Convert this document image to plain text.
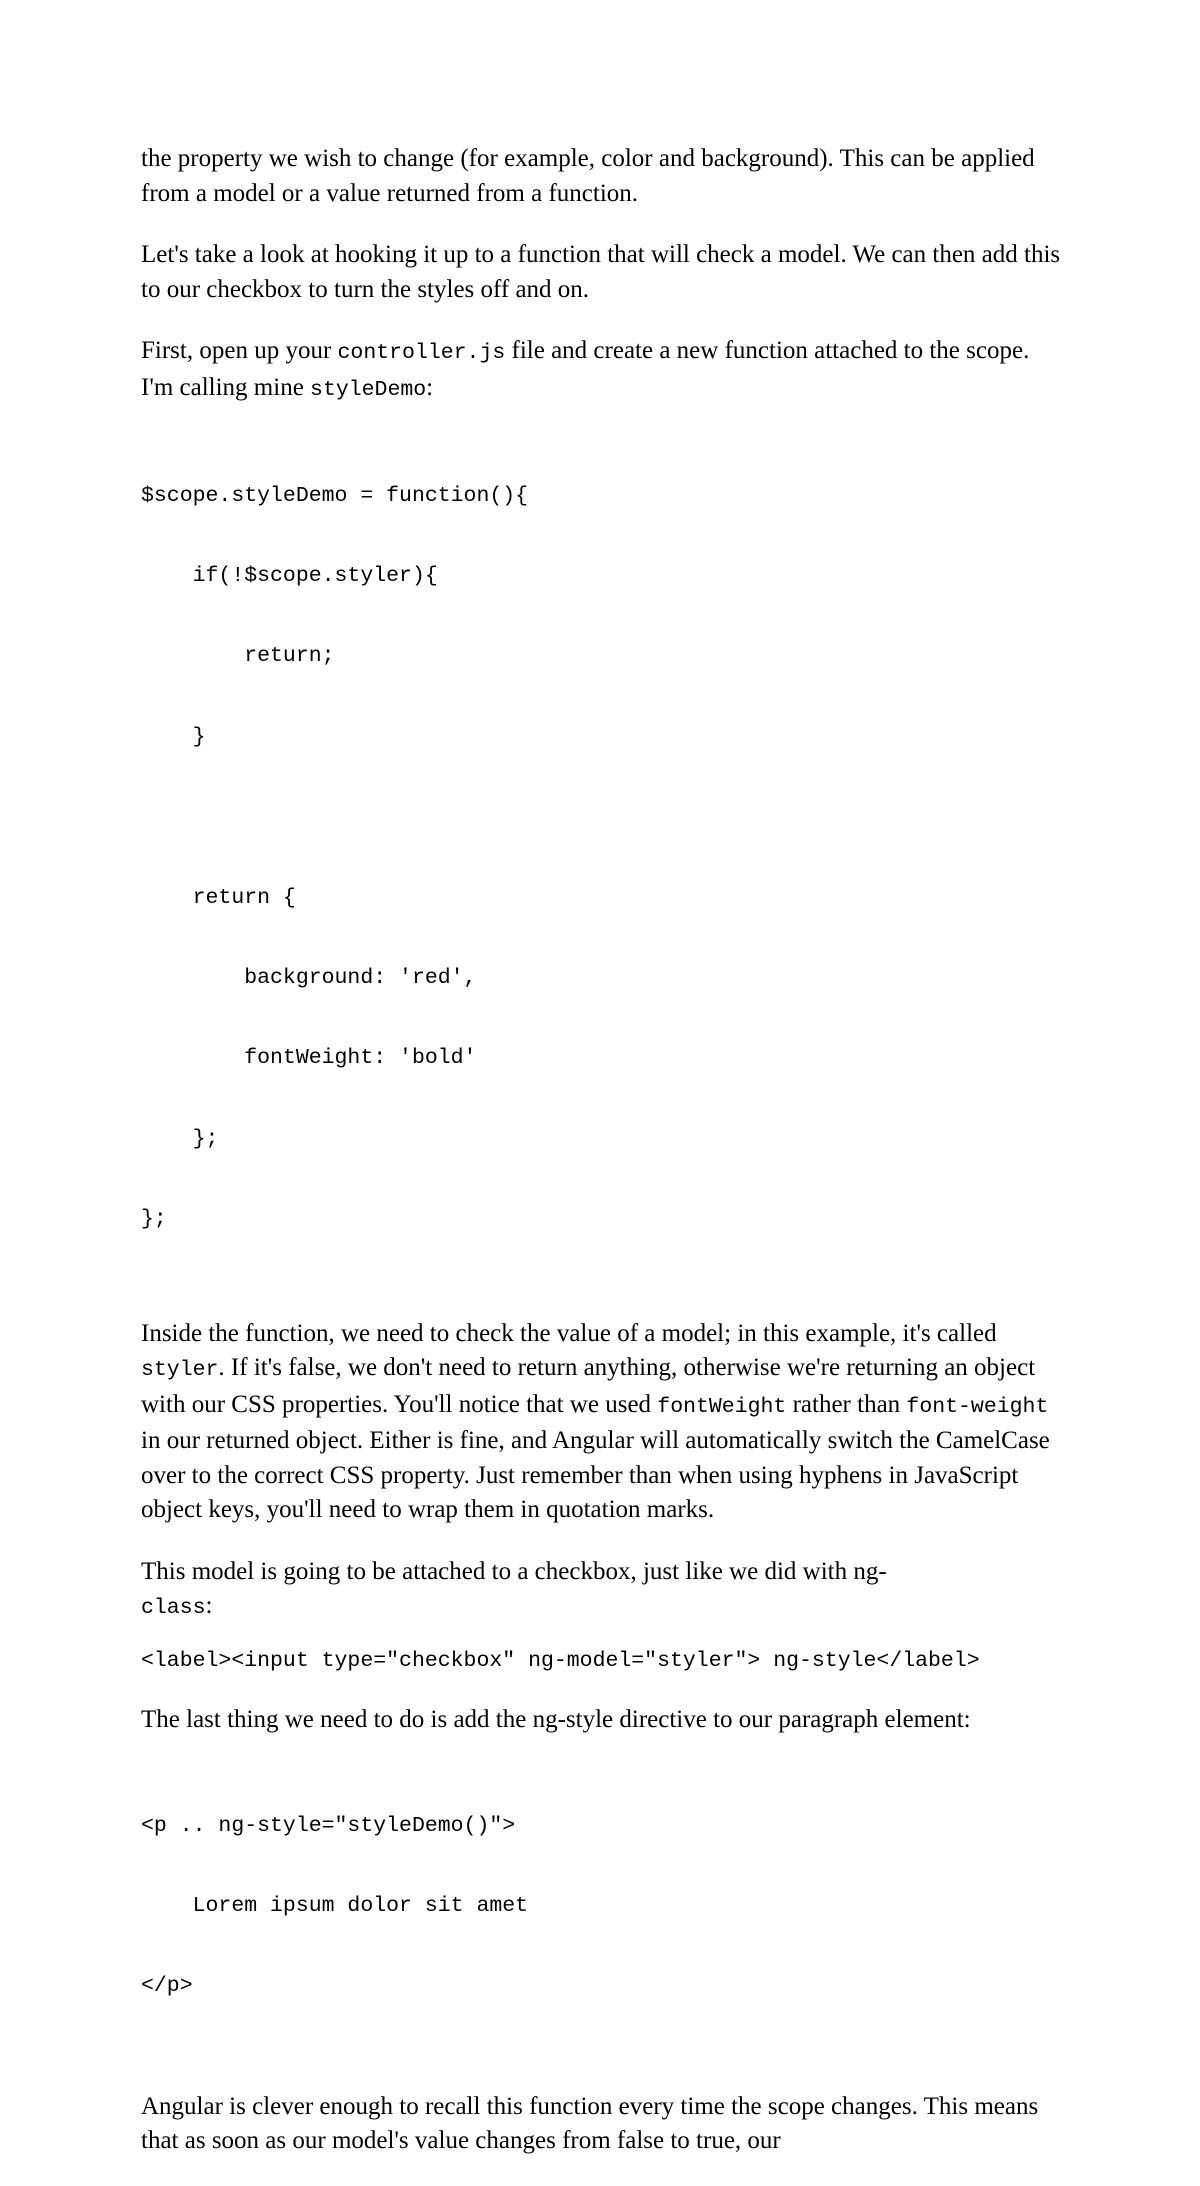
the property we wish to change (for example, color and background). This can be applied from a model or a value returned from a function.

Let's take a look at hooking it up to a function that will check a model. We can then add this to our checkbox to turn the styles off and on.

First, open up your controller.js file and create a new function attached to the scope. I'm calling mine styleDemo:

$scope.styleDemo = function(){

if(!$scope.styler){

return;

}

return {

background: 'red',

fontWeight: 'bold'

};

};

Inside the function, we need to check the value of a model; in this example, it's called styler. If it's false, we don't need to return anything, otherwise we're returning an object with our CSS properties. You'll notice that we used fontWeight rather than font-weight in our returned object. Either is fine, and Angular will automatically switch the CamelCase over to the correct CSS property. Just remember than when using hyphens in JavaScript object keys, you'll need to wrap them in quotation marks.

This model is going to be attached to a checkbox, just like we did with ng-
class:

<label><input type="checkbox" ng-model="styler"> ng-style</label>

The last thing we need to do is add the ng-style directive to our paragraph element:

<p .. ng-style="styleDemo()">

Lorem ipsum dolor sit amet

</p>

Angular is clever enough to recall this function every time the scope changes. This means that as soon as our model's value changes from false to true, our
